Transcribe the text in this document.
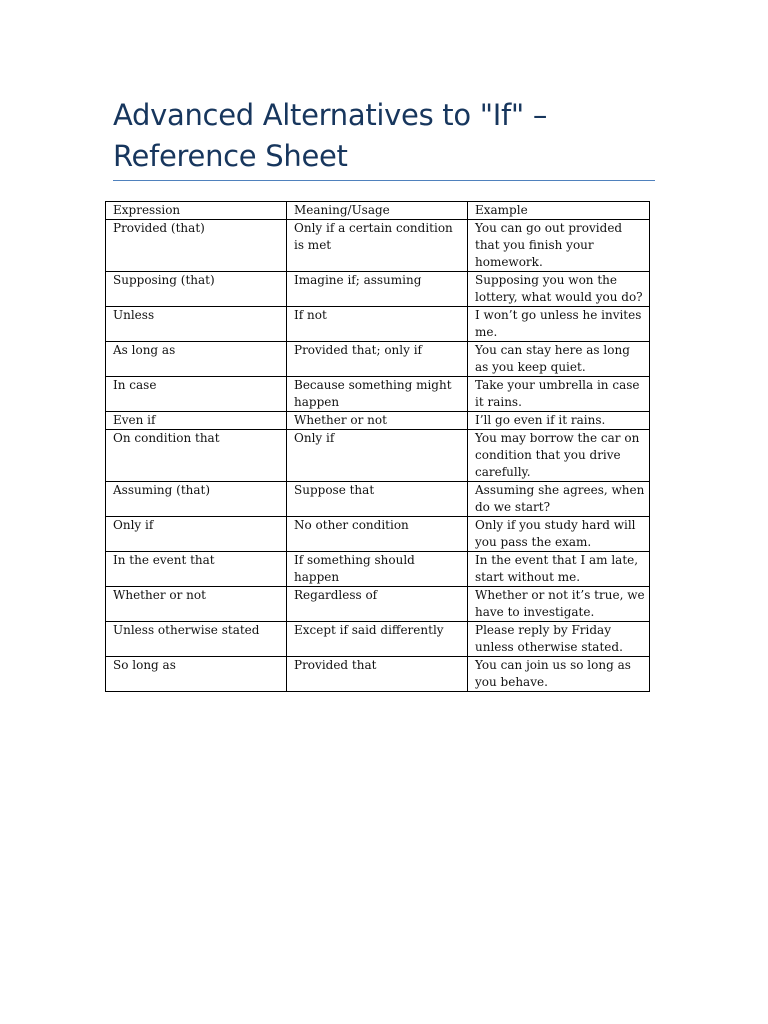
Advanced Alternatives to "If" – Reference Sheet
Expression	Meaning/Usage	Example
Provided (that)	Only if a certain condition is met	You can go out provided that you finish your homework.
Supposing (that)	Imagine if; assuming	Supposing you won the lottery, what would you do?
Unless	If not	I won’t go unless he invites me.
As long as	Provided that; only if	You can stay here as long as you keep quiet.
In case	Because something might happen	Take your umbrella in case it rains.
Even if	Whether or not	I’ll go even if it rains.
On condition that	Only if	You may borrow the car on condition that you drive carefully.
Assuming (that)	Suppose that	Assuming she agrees, when do we start?
Only if	No other condition	Only if you study hard will you pass the exam.
In the event that	If something should happen	In the event that I am late, start without me.
Whether or not	Regardless of	Whether or not it’s true, we have to investigate.
Unless otherwise stated	Except if said differently	Please reply by Friday unless otherwise stated.
So long as	Provided that	You can join us so long as you behave.
